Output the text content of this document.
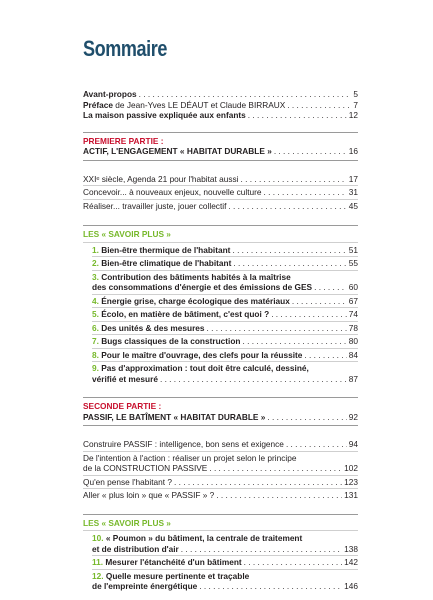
Sommaire
Avant-propos . . .	5
Préface de Jean-Yves LE DÉAUT et Claude BIRRAUX . . .	7
La maison passive expliquée aux enfants . . .	12
PREMIERE PARTIE :
ACTIF, L'ENGAGEMENT « HABITAT DURABLE » . . .	16
XXIᵉ siècle, Agenda 21 pour l'habitat aussi . . .	17
Concevoir... à nouveaux enjeux, nouvelle culture . . .	31
Réaliser... travailler juste, jouer collectif . . .	45
LES « SAVOIR PLUS »
1. Bien-être thermique de l'habitant . . .	51
2. Bien-être climatique de l'habitant . . .	55
3. Contribution des bâtiments habités à la maîtrise
des consommations d'énergie et des émissions de GES . . .	60
4. Énergie grise, charge écologique des matériaux . . .	67
5. Écolo, en matière de bâtiment, c'est quoi ? . . .	74
6. Des unités & des mesures . . .	78
7. Bugs classiques de la construction . . .	80
8. Pour le maître d'ouvrage, des clefs pour la réussite . . .	84
9. Pas d'approximation : tout doit être calculé, dessiné,
vérifié et mesuré . . .	87
SECONDE PARTIE :
PASSIF, LE BATÎMENT « HABITAT DURABLE » . . .	92
Construire PASSIF : intelligence, bon sens et exigence . . .	94
De l'intention à l'action : réaliser un projet selon le principe
de la CONSTRUCTION PASSIVE . . .	102
Qu'en pense l'habitant ? . . .	123
Aller « plus loin » que « PASSIF » ? . . .	131
LES « SAVOIR PLUS »
10. « Poumon » du bâtiment, la centrale de traitement
et de distribution d'air . . .	138
11. Mesurer l'étanchéité d'un bâtiment . . .	142
12. Quelle mesure pertinente et traçable
de l'empreinte énergétique . . .	146
